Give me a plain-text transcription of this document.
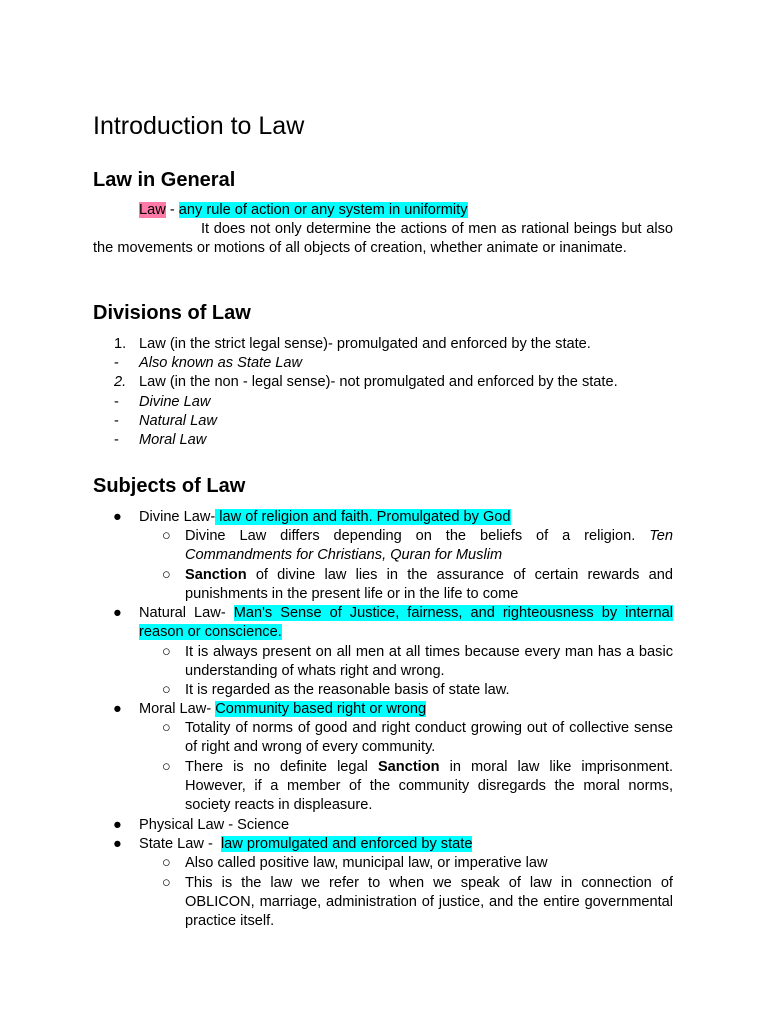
Introduction to Law
Law in General
Law - any rule of action or any system in uniformity
It does not only determine the actions of men as rational beings but also the movements or motions of all objects of creation, whether animate or inanimate.
Divisions of Law
1. Law (in the strict legal sense)- promulgated and enforced by the state.
- Also known as State Law
2. Law (in the non - legal sense)- not promulgated and enforced by the state.
- Divine Law
- Natural Law
- Moral Law
Subjects of Law
● Divine Law- law of religion and faith. Promulgated by God
○ Divine Law differs depending on the beliefs of a religion. Ten Commandments for Christians, Quran for Muslim
○ Sanction of divine law lies in the assurance of certain rewards and punishments in the present life or in the life to come
● Natural Law- Man's Sense of Justice, fairness, and righteousness by internal reason or conscience.
○ It is always present on all men at all times because every man has a basic understanding of whats right and wrong.
○ It is regarded as the reasonable basis of state law.
● Moral Law- Community based right or wrong
○ Totality of norms of good and right conduct growing out of collective sense of right and wrong of every community.
○ There is no definite legal Sanction in moral law like imprisonment. However, if a member of the community disregards the moral norms, society reacts in displeasure.
● Physical Law - Science
● State Law -  law promulgated and enforced by state
○ Also called positive law, municipal law, or imperative law
○ This is the law we refer to when we speak of law in connection of OBLICON, marriage, administration of justice, and the entire governmental practice itself.
